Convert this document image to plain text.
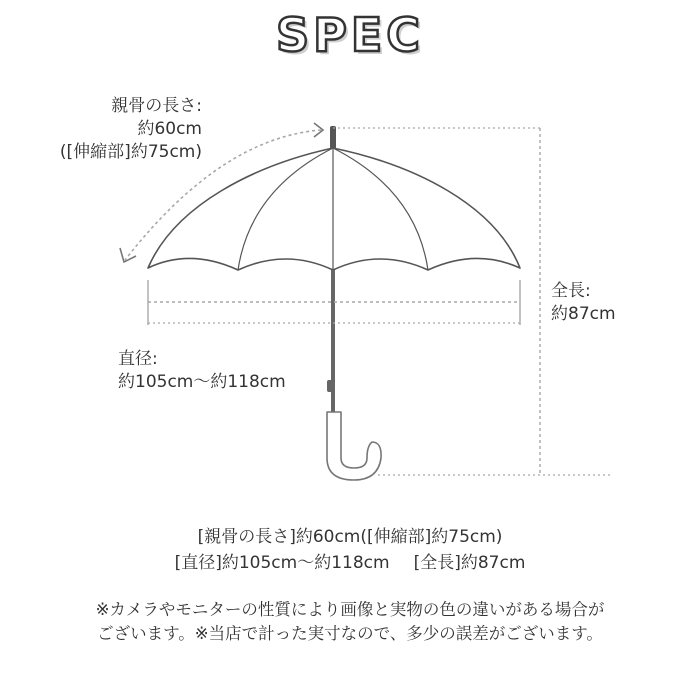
SPEC
親骨の長さ:
約60cm
([伸縮部]約75cm)
直径:
約105cm～約118cm
全長:
約87cm
[親骨の長さ]約60cm([伸縮部]約75cm)
[直径]約105cm～約118cm [全長]約87cm
※カメラやモニターの性質により画像と実物の色の違いがある場合が
ございます。※当店で計った実寸なので、多少の誤差がございます。
